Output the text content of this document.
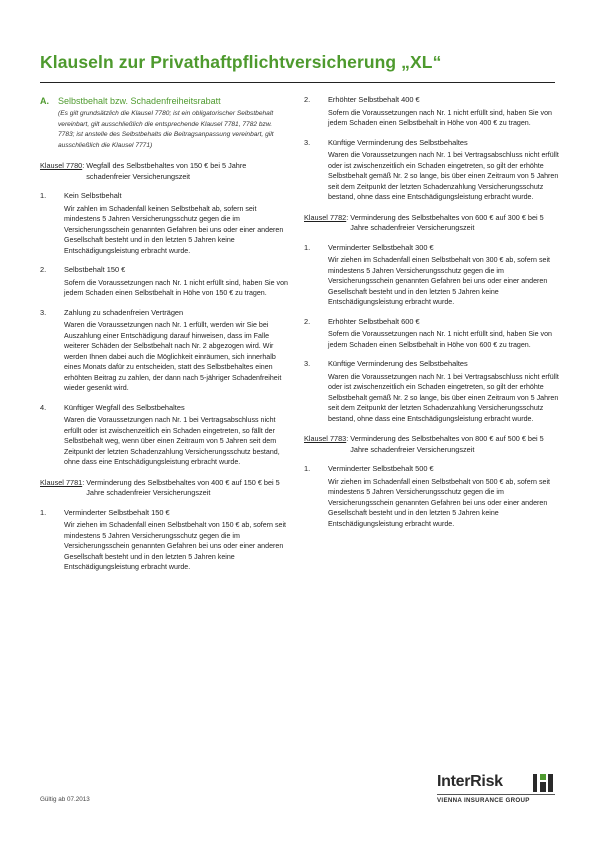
Klauseln zur Privathaftpflichtversicherung „XL“
A.	Selbstbehalt bzw. Schadenfreiheitsrabatt
(Es gilt grundsätzlich die Klausel 7780; ist ein obligatorischer Selbstbehalt vereinbart, gilt ausschließlich die entsprechende Klausel 7781, 7782 bzw. 7783; ist anstelle des Selbstbehalts die Beitragsanpassung vereinbart, gilt ausschließlich die Klausel 7771)
Klausel 7780: Wegfall des Selbstbehaltes von 150 € bei 5 Jahre schadenfreier Versicherungszeit
1.	Kein Selbstbehalt
Wir zahlen im Schadenfall keinen Selbstbehalt ab, sofern seit mindestens 5 Jahren Versicherungsschutz gegen die im Versicherungsschein genannten Gefahren bei uns oder einer anderen Gesellschaft besteht und in den letzten 5 Jahren keine Entschädigungsleistung erbracht wurde.
2.	Selbstbehalt 150 €
Sofern die Voraussetzungen nach Nr. 1 nicht erfüllt sind, haben Sie von jedem Schaden einen Selbstbehalt in Höhe von 150 € zu tragen.
3.	Zahlung zu schadenfreien Verträgen
Waren die Voraussetzungen nach Nr. 1 erfüllt, werden wir Sie bei Auszahlung einer Entschädigung darauf hinweisen, dass im Falle weiterer Schäden der Selbstbehalt nach Nr. 2 abgezogen wird. Wir werden Ihnen dabei auch die Möglichkeit einräumen, sich innerhalb eines Monats dafür zu entscheiden, statt des Selbstbehaltes einen erhöhten Beitrag zu zahlen, der dann nach 5-jähriger Schadenfreiheit wieder gesenkt wird.
4.	Künftiger Wegfall des Selbstbehaltes
Waren die Voraussetzungen nach Nr. 1 bei Vertragsabschluss nicht erfüllt oder ist zwischenzeitlich ein Schaden eingetreten, so fällt der Selbstbehalt weg, wenn über einen Zeitraum von 5 Jahren seit dem Zeitpunkt der letzten Schadenzahlung Versicherungsschutz bestand, ohne dass eine Entschädigungsleistung erbracht wurde.
Klausel 7781: Verminderung des Selbstbehaltes von 400 € auf 150 € bei 5 Jahre schadenfreier Versicherungszeit
1.	Verminderter Selbstbehalt 150 €
Wir ziehen im Schadenfall einen Selbstbehalt von 150 € ab, sofern seit mindestens 5 Jahren Versicherungsschutz gegen die im Versicherungsschein genannten Gefahren bei uns oder einer anderen Gesellschaft besteht und in den letzten 5 Jahren keine Entschädigungsleistung erbracht wurde.
2.	Erhöhter Selbstbehalt 400 €
Sofern die Voraussetzungen nach Nr. 1 nicht erfüllt sind, haben Sie von jedem Schaden einen Selbstbehalt in Höhe von 400 € zu tragen.
3.	Künftige Verminderung des Selbstbehaltes
Waren die Voraussetzungen nach Nr. 1 bei Vertragsabschluss nicht erfüllt oder ist zwischenzeitlich ein Schaden eingetreten, so gilt der erhöhte Selbstbehalt gemäß Nr. 2 so lange, bis über einen Zeitraum von 5 Jahren seit dem Zeitpunkt der letzten Schadenzahlung Versicherungsschutz bestand, ohne dass eine Entschädigungsleistung erbracht wurde.
Klausel 7782: Verminderung des Selbstbehaltes von 600 € auf 300 € bei 5 Jahre schadenfreier Versicherungszeit
1.	Verminderter Selbstbehalt 300 €
Wir ziehen im Schadenfall einen Selbstbehalt von 300 € ab, sofern seit mindestens 5 Jahren Versicherungsschutz gegen die im Versicherungsschein genannten Gefahren bei uns oder einer anderen Gesellschaft besteht und in den letzten 5 Jahren keine Entschädigungsleistung erbracht wurde.
2.	Erhöhter Selbstbehalt 600 €
Sofern die Voraussetzungen nach Nr. 1 nicht erfüllt sind, haben Sie von jedem Schaden einen Selbstbehalt in Höhe von 600 € zu tragen.
3.	Künftige Verminderung des Selbstbehaltes
Waren die Voraussetzungen nach Nr. 1 bei Vertragsabschluss nicht erfüllt oder ist zwischenzeitlich ein Schaden eingetreten, so gilt der erhöhte Selbstbehalt gemäß Nr. 2 so lange, bis über einen Zeitraum von 5 Jahren seit dem Zeitpunkt der letzten Schadenzahlung Versicherungsschutz bestand, ohne dass eine Entschädigungsleistung erbracht wurde.
Klausel 7783: Verminderung des Selbstbehaltes von 800 € auf 500 € bei 5 Jahre schadenfreier Versicherungszeit
1.	Verminderter Selbstbehalt 500 €
Wir ziehen im Schadenfall einen Selbstbehalt von 500 € ab, sofern seit mindestens 5 Jahren Versicherungsschutz gegen die im Versicherungsschein genannten Gefahren bei uns oder einer anderen Gesellschaft besteht und in den letzten 5 Jahren keine Entschädigungsleistung erbracht wurde.
Gültig ab 07.2013
InterRisk
VIENNA INSURANCE GROUP
